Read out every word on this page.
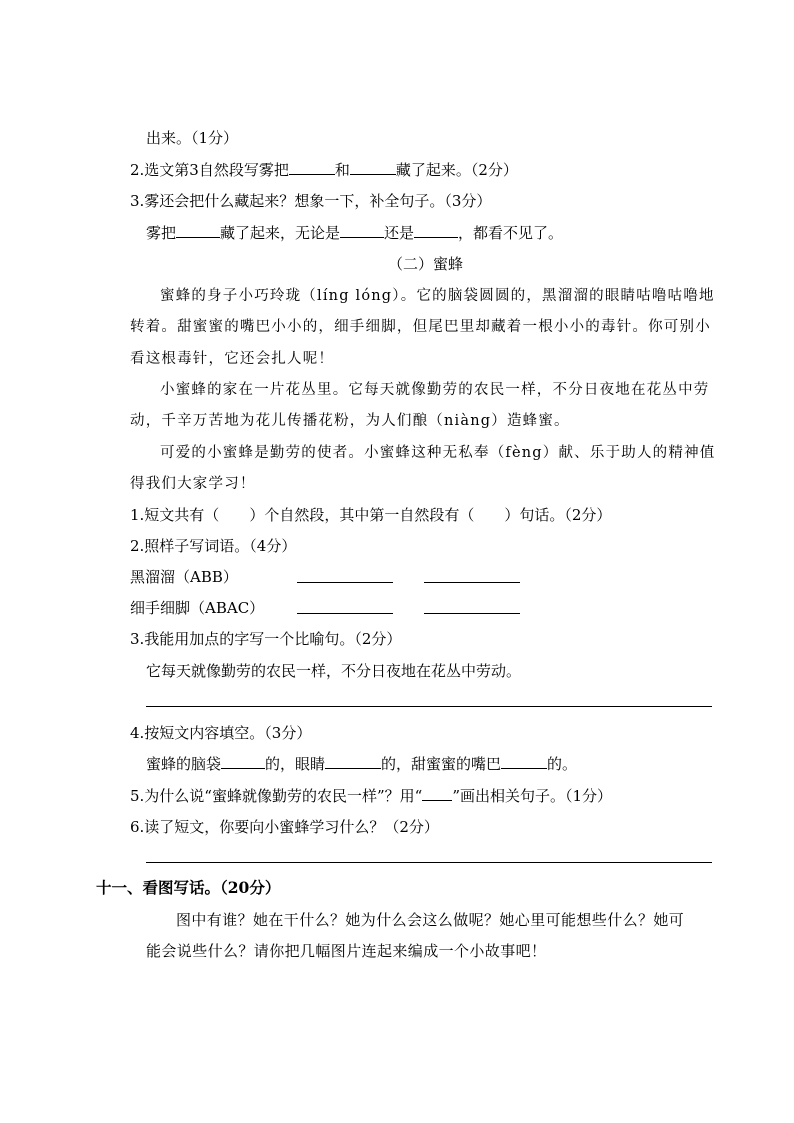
出来。（1分）
2.选文第3自然段写雾把	和	藏了起来。（2分）
3.雾还会把什么藏起来？想象一下，补全句子。（3分）
雾把	藏了起来，无论是	还是	，都看不见了。
（二）蜜蜂
蜜蜂的身子小巧玲珑（líng lóng）。它的脑袋圆圆的，黑溜溜的眼睛咕噜咕噜地
转着。甜蜜蜜的嘴巴小小的，细手细脚，但尾巴里却藏着一根小小的毒针。你可别小
看这根毒针，它还会扎人呢！
小蜜蜂的家在一片花丛里。它每天就像勤劳的农民一样，不分日夜地在花丛中劳
动，千辛万苦地为花儿传播花粉，为人们酿（niàng）造蜂蜜。
可爱的小蜜蜂是勤劳的使者。小蜜蜂这种无私奉（fèng）献、乐于助人的精神值
得我们大家学习！
1.短文共有（ ）个自然段，其中第一自然段有（ ）句话。（2分）
2.照样子写词语。（4分）
黑溜溜（ABB）
细手细脚（ABAC）
3.我能用加点的字写一个比喻句。（2分）
它每天就像勤劳的农民一样，不分日夜地在花丛中劳动。
4.按短文内容填空。（3分）
蜜蜂的脑袋	的，眼睛	的，甜蜜蜜的嘴巴	的。
5.为什么说“蜜蜂就像勤劳的农民一样”？用“ ”画出相关句子。（1分）
6.读了短文，你要向小蜜蜂学习什么？（2分）
十一、看图写话。（20分）
图中有谁？她在干什么？她为什么会这么做呢？她心里可能想些什么？她可
能会说些什么？请你把几幅图片连起来编成一个小故事吧！
